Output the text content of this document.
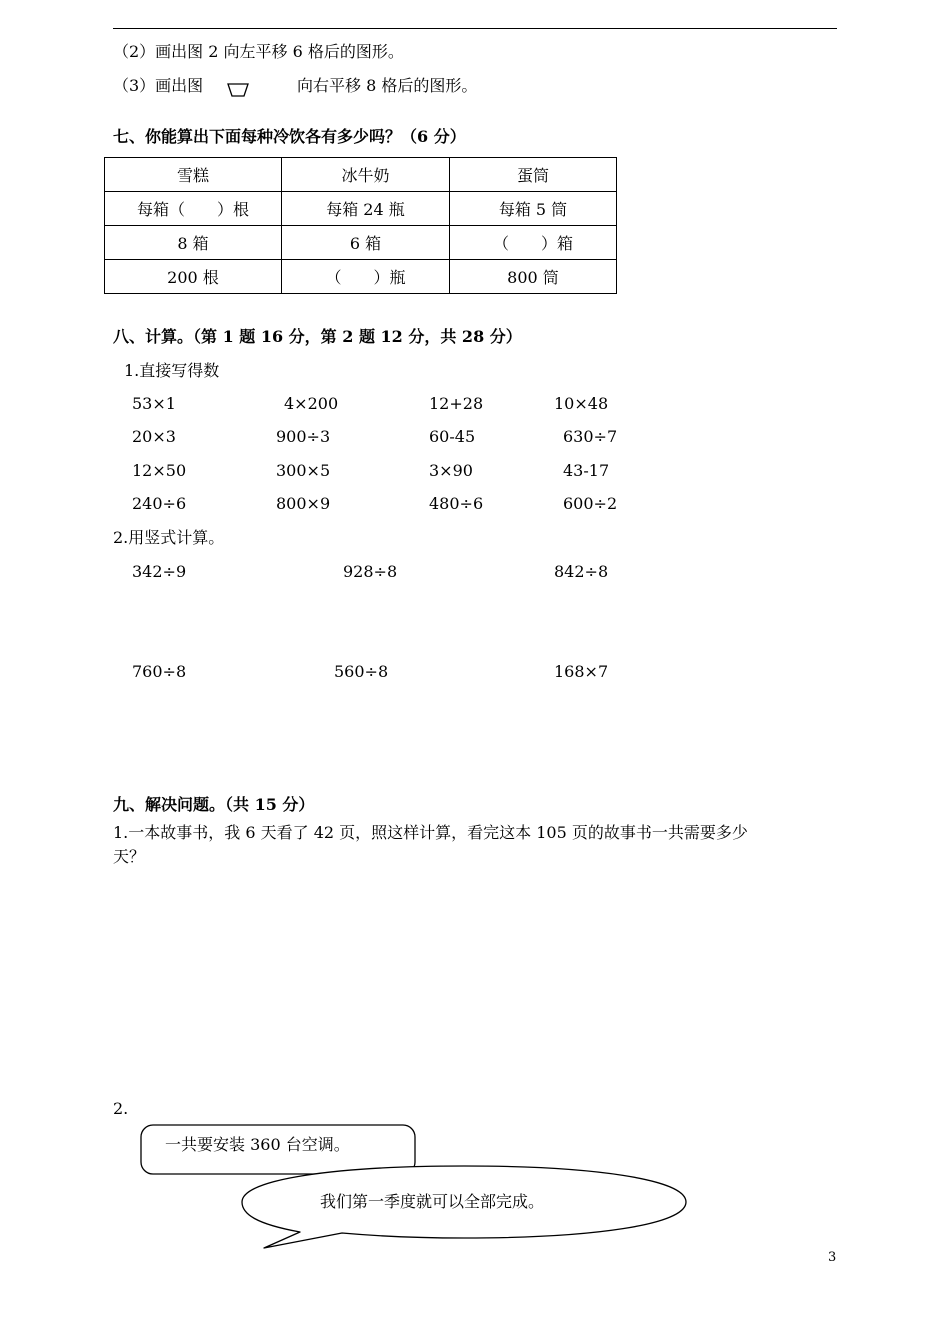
（2）画出图 2 向左平移 6 格后的图形。
（3）画出图	向右平移 8 格后的图形。
七、你能算出下面每种冷饮各有多少吗？（6 分）
雪糕	冰牛奶	蛋筒
每箱（　　）根	每箱 24 瓶	每箱 5 筒
8 箱	6 箱	（　　）箱
200 根	（　　）瓶	800 筒
八、计算。（第 1 题 16 分，第 2 题 12 分，共 28 分）
1.直接写得数
53×1	4×200	12+28	10×48
20×3	900÷3	60-45	630÷7
12×50	300×5	3×90	43-17
240÷6	800×9	480÷6	600÷2
2.用竖式计算。
342÷9	928÷8	842÷8
760÷8	560÷8	168×7
九、解决问题。（共 15 分）
1.一本故事书，我 6 天看了 42 页，照这样计算，看完这本 105 页的故事书一共需要多少
天？
2.
一共要安装 360 台空调。
我们第一季度就可以全部完成。
3
